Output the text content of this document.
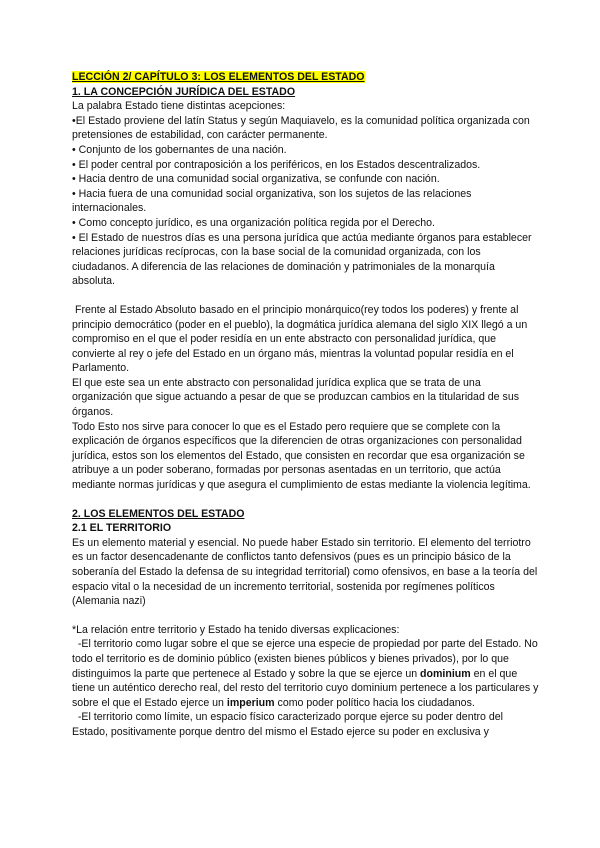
LECCIÓN 2/ CAPÍTULO 3: LOS ELEMENTOS DEL ESTADO

1. LA CONCEPCIÓN JURÍDICA DEL ESTADO

La palabra Estado tiene distintas acepciones:

•El Estado proviene del latín Status y según Maquiavelo, es la comunidad política organizada con pretensiones de estabilidad, con carácter permanente.

• Conjunto de los gobernantes de una nación.

• El poder central por contraposición a los periféricos, en los Estados descentralizados.

• Hacia dentro de una comunidad social organizativa, se confunde con nación.

• Hacia fuera de una comunidad social organizativa, son los sujetos de las relaciones internacionales.

• Como concepto jurídico, es una organización política regida por el Derecho.

• El Estado de nuestros días es una persona jurídica que actúa mediante órganos para establecer relaciones jurídicas recíprocas, con la base social de la comunidad organizada, con los ciudadanos. A diferencia de las relaciones de dominación y patrimoniales de la monarquía absoluta.

Frente al Estado Absoluto basado en el principio monárquico(rey todos los poderes) y frente al principio democrático (poder en el pueblo), la dogmática jurídica alemana del siglo XIX llegó a un compromiso en el que el poder residía en un ente abstracto con personalidad jurídica, que convierte al rey o jefe del Estado en un órgano más, mientras la voluntad popular residía en el Parlamento.

El que este sea un ente abstracto con personalidad jurídica explica que se trata de una organización que sigue actuando a pesar de que se produzcan cambios en la titularidad de sus órganos.

Todo Esto nos sirve para conocer lo que es el Estado pero requiere que se complete con la explicación de órganos específicos que la diferencien de otras organizaciones con personalidad jurídica, estos son los elementos del Estado, que consisten en recordar que esa organización se atribuye a un poder soberano, formadas por personas asentadas en un territorio, que actúa mediante normas jurídicas y que asegura el cumplimiento de estas mediante la violencia legítima.

2. LOS ELEMENTOS DEL ESTADO

2.1 EL TERRITORIO

Es un elemento material y esencial. No puede haber Estado sin territorio. El elemento del terriotro es un factor desencadenante de conflictos tanto defensivos (pues es un principio básico de la soberanía del Estado la defensa de su integridad territorial) como ofensivos, en base a la teoría del espacio vital o la necesidad de un incremento territorial, sostenida por regímenes políticos (Alemania nazi)

*La relación entre territorio y Estado ha tenido diversas explicaciones:

-El territorio como lugar sobre el que se ejerce una especie de propiedad por parte del Estado. No todo el territorio es de dominio público (existen bienes públicos y bienes privados), por lo que distinguimos la parte que pertenece al Estado y sobre la que se ejerce un dominium en el que tiene un auténtico derecho real, del resto del territorio cuyo dominium pertenece a los particulares y sobre el que el Estado ejerce un imperium como poder político hacia los ciudadanos.

-El territorio como límite, un espacio físico caracterizado porque ejerce su poder dentro del Estado, positivamente porque dentro del mismo el Estado ejerce su poder en exclusiva y
